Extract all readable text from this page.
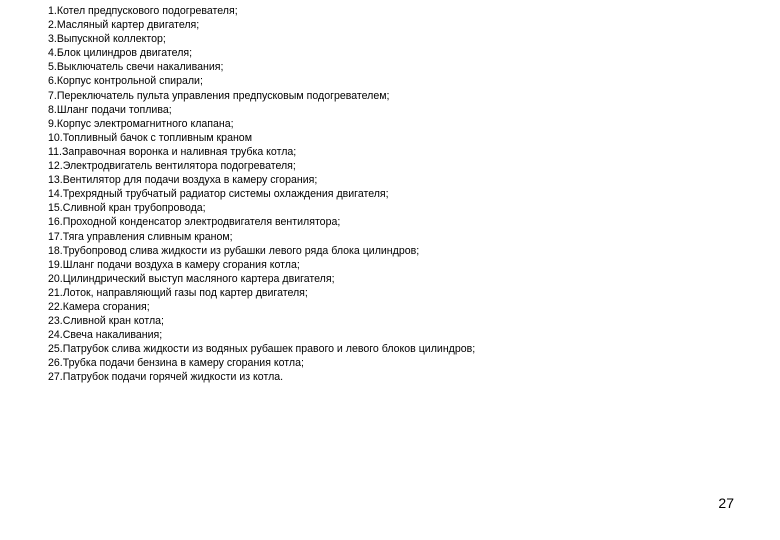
1.Котел предпускового подогревателя;
2.Масляный картер двигателя;
3.Выпускной коллектор;
4.Блок цилиндров двигателя;
5.Выключатель свечи накаливания;
6.Корпус контрольной спирали;
7.Переключатель пульта управления предпусковым подогревателем;
8.Шланг подачи топлива;
9.Корпус электромагнитного клапана;
10.Топливный бачок с топливным краном
11.Заправочная воронка и наливная трубка котла;
12.Электродвигатель вентилятора подогревателя;
13.Вентилятор для подачи воздуха в камеру сгорания;
14.Трехрядный трубчатый радиатор системы охлаждения двигателя;
15.Сливной кран трубопровода;
16.Проходной конденсатор электродвигателя вентилятора;
17.Тяга управления сливным краном;
18.Трубопровод слива жидкости из рубашки левого ряда блока цилиндров;
19.Шланг подачи воздуха в камеру сгорания котла;
20.Цилиндрический выступ масляного картера двигателя;
21.Лоток, направляющий газы под картер двигателя;
22.Камера сгорания;
23.Сливной кран котла;
24.Свеча накаливания;
25.Патрубок слива жидкости из водяных рубашек правого и левого блоков цилиндров;
26.Трубка подачи бензина в камеру сгорания котла;
27.Патрубок подачи горячей жидкости из котла.
27
